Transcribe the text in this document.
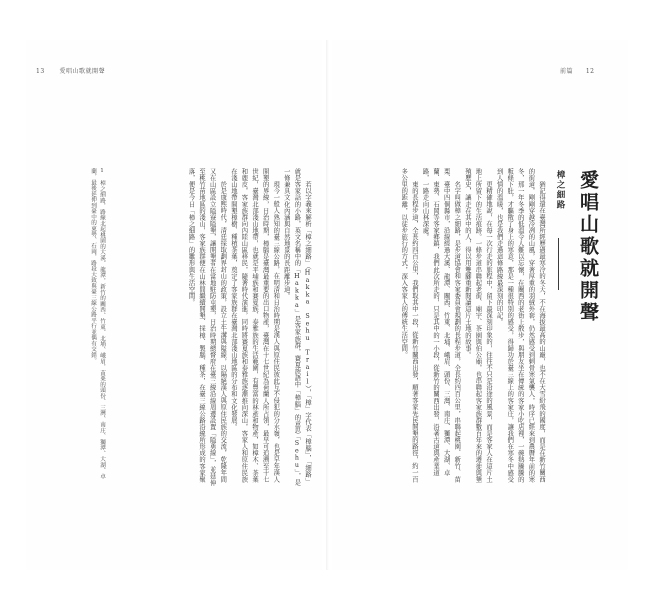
13 愛唱山歌就開聲	前篇 12
愛唱山歌就開聲
樟之細路

猶記得還在臺灣所經歷過最寒冷的冬天，不在海拔最高的山巔，也不在大雪紛飛的國度，而是在新竹關西的街道，剛剛穿越冷冽的山風，穿著厚重的羽絨外套，仍然感受到刺骨寒氣襲人，時序已經來到農曆年前的寒冬，那一年冬季的低溫令人難以忘懷，在關西的老街上散步，與朋友坐在傳統的客家小吃店裡，一碗熱騰騰的粄條下肚，才驅散了身上的寒意，那是一種很特別的感受，得歸功於臺三線上的客家庄，讓我們在寒冬中感受到人情的溫暖，也是我們走過這條路線最深刻的印記。

更精確地說，在每一次行走的旅程中，留下最深刻印象的，往往不只是沿途的風景，而是客家人在這片土地上所留下的生活痕跡。一條步道串聯起老街、廟宇、茶園與伯公廟，也串聯起客家族群數百年來的遷徙與墾殖歷史，讓走在其中的人，得以用雙腳重新閱讀這片土地的故事。

名字叫做樟之細路，是步道協會和客家委員會規劃的長程步道，全長約四百公里，串聯起桃園、新竹、苗栗、臺中四個縣市，沿線經過大溪、龍潭、關西、竹東、北埔、峨眉、頭份、三灣、南庄、獅潭、大湖、卓蘭、東勢、石岡等客家鄉鎮，我們此次所走的，只是其中的一小段，從新竹的關西出發，沿著古道與產業道路，一路走向山林深處。

東的長程步道，全長約四百公里，我們取其中一段，從新竹關西出發，順著客家先民開墾的路徑，約一百多公里的距離，以徒步旅行的方式，深入客家人的傳統生活空間。

若以字義來解析「樟之細路」（Hakka Sehu Trail），「樟」字代表「樟腦」，「細路」就是客家話的小路，英文名稱中的「Hakka」是客家族群，賽夏族語中「樟腦」的意思「Sehu」，是一條兼具文化內涵與自然地景的長距離步道。

現今一般人熟知的臺三線公路，在明清和日治時期是漢人與原住民彼此互不侵犯的分水嶺，也是早年漢人開墾的界線，日治時期，樟腦是臺灣最重要的出口物產，臺灣在十七世紀為荷蘭人所占領，最早可追溯至十七世紀，臺灣北部淺山地帶，也就是平埔族和賽夏族、泰雅族的生活範圍，有豐富的林產和物產，如樟木、茶葉和鹿皮，客家族群向內陸山區移民，隨著時代演進，同時將賽夏族和泰雅族逐漸推向深山，客家人和原住民族在淺山地帶開墾樟樹、種植茶葉，奠定了客家族群在臺灣北部淺山地區的分布和文化發展。

於是康熙時代，清廷採取劃界封山的政策，設立土牛溝與隘線，以隔絕漢人與原住民族的交流，乾隆年間又在山區設立隘寮隘墾，讓開墾者在當地駐防屯墾，日治時期總督府在臺三線沿線周邊設置「隘勇線」，並延伸至桃竹苗地區的淺山，客家族群便在山林間繼續開墾、採樟、製腦、種茶，在臺三線公路沿線所形成的客家聚落，便是今日「樟之細路」的雛形與生活空間。

1 樟之細路，路線北起桃園的大溪、龍潭，新竹的關西、竹東、北埔、峨眉，苗栗的頭份、三灣、南庄、獅潭、大湖、卓蘭，最後延伸到臺中的東勢、石岡，路段大致與臺三線公路平行並偶有交錯。
